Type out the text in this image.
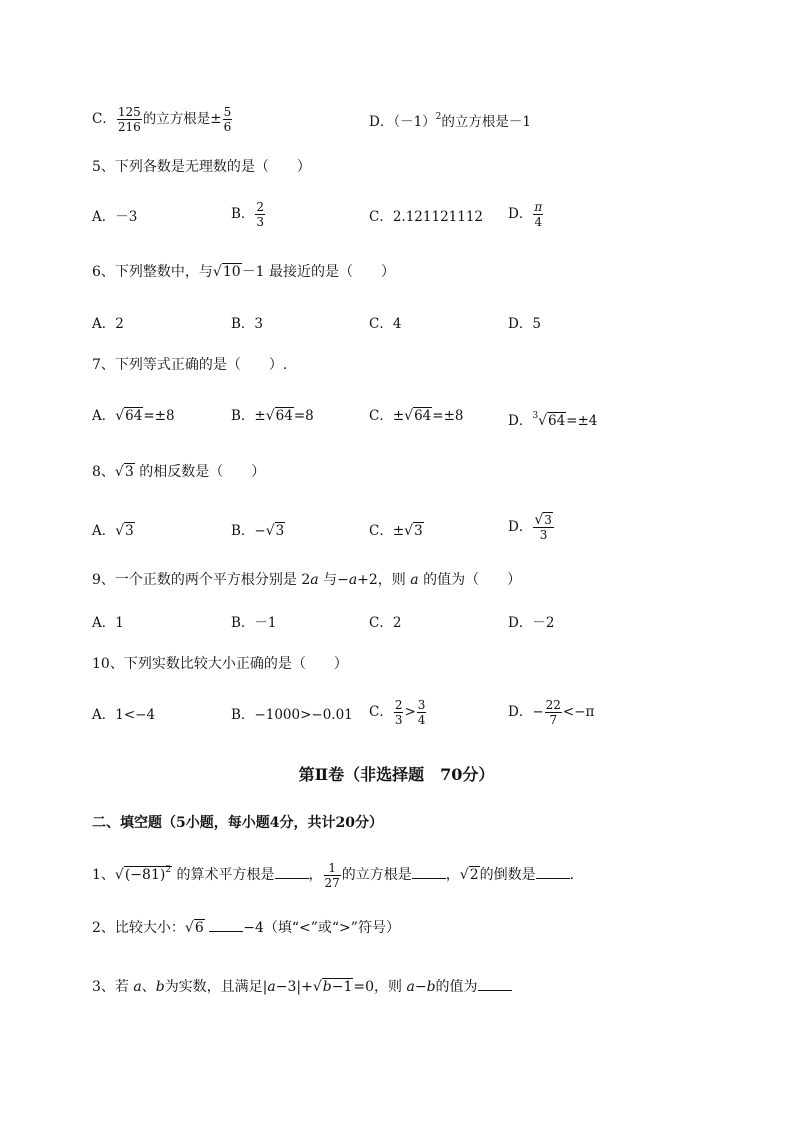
C． $\frac{125}{216}$ 的立方根是± $\frac{5}{6}$	D．$(-1)^2$的立方根是－1
5、下列各数是无理数的是（　　）
A．－3	B． $\frac{2}{3}$	C．2.121121112 D． $\frac{\pi}{4}$
6、下列整数中，与√10－1 最接近的是（　　）
A．2	B．3	C．4	D．5
7、下列等式正确的是（　　）.
A．√64=±8	B．±√64=8	C．±√64=±8	D．$^3$√64=±4
8、√3 的相反数是（　　）
A．√3	B．−√3	C．±√3	D． $\frac{√3}{3}$
9、一个正数的两个平方根分别是 2a 与−a+2，则 a 的值为（　　）
A．1	B．－1	C．2	D．－2
10、下列实数比较大小正确的是（　　）
A．1<−4	B．−1000>−0.01 C． $\frac{2}{3} > \frac{3}{4}$	D．− $\frac{22}{7} <-\pi$
第Ⅱ卷（非选择题　70分）
二、填空题（5小题，每小题4分，共计20分）
1、$√(-81)^2$ 的算术平方根是 ， $\frac{1}{27}$ 的立方根是 ，√2的倒数是 .
2、比较大小：√6	−4（填“<”或“>”符号）
3、若 a、b为实数，且满足|a−3|+√b−1=0，则 a−b的值为
